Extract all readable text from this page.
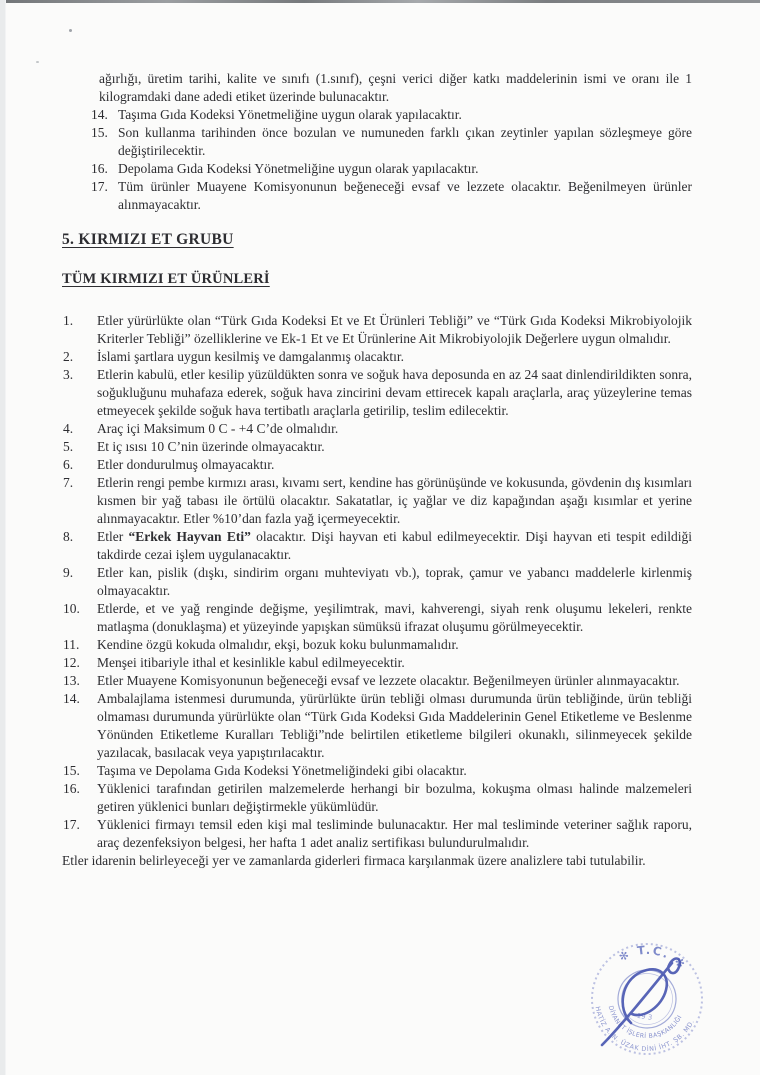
ağırlığı, üretim tarihi, kalite ve sınıfı (1.sınıf), çeşni verici diğer katkı maddelerinin ismi ve oranı ile 1 kilogramdaki dane adedi etiket üzerinde bulunacaktır.

14. Taşıma Gıda Kodeksi Yönetmeliğine uygun olarak yapılacaktır.
15. Son kullanma tarihinden önce bozulan ve numuneden farklı çıkan zeytinler yapılan sözleşmeye göre değiştirilecektir.
16. Depolama Gıda Kodeksi Yönetmeliğine uygun olarak yapılacaktır.
17. Tüm ürünler Muayene Komisyonunun beğeneceği evsaf ve lezzete olacaktır. Beğenilmeyen ürünler alınmayacaktır.
5. KIRMIZI ET GRUBU
TÜM KIRMIZI ET ÜRÜNLERİ
1. Etler yürürlükte olan “Türk Gıda Kodeksi Et ve Et Ürünleri Tebliği” ve “Türk Gıda Kodeksi Mikrobiyolojik Kriterler Tebliği” özelliklerine ve Ek-1 Et ve Et Ürünlerine Ait Mikrobiyolojik Değerlere uygun olmalıdır.
2. İslami şartlara uygun kesilmiş ve damgalanmış olacaktır.
3. Etlerin kabulü, etler kesilip yüzüldükten sonra ve soğuk hava deposunda en az 24 saat dinlendirildikten sonra, soğukluğunu muhafaza ederek, soğuk hava zincirini devam ettirecek kapalı araçlarla, araç yüzeylerine temas etmeyecek şekilde soğuk hava tertibatlı araçlarla getirilip, teslim edilecektir.
4. Araç içi Maksimum 0 C - +4 C’de olmalıdır.
5. Et iç ısısı 10 C’nin üzerinde olmayacaktır.
6. Etler dondurulmuş olmayacaktır.
7. Etlerin rengi pembe kırmızı arası, kıvamı sert, kendine has görünüşünde ve kokusunda, gövdenin dış kısımları kısmen bir yağ tabası ile örtülü olacaktır. Sakatatlar, iç yağlar ve diz kapağından aşağı kısımlar et yerine alınmayacaktır. Etler %10’dan fazla yağ içermeyecektir.
8. Etler “Erkek Hayvan Eti” olacaktır. Dişi hayvan eti kabul edilmeyecektir. Dişi hayvan eti tespit edildiği takdirde cezai işlem uygulanacaktır.
9. Etler kan, pislik (dışkı, sindirim organı muhteviyatı vb.), toprak, çamur ve yabancı maddelerle kirlenmiş olmayacaktır.
10. Etlerde, et ve yağ renginde değişme, yeşilimtrak, mavi, kahverengi, siyah renk oluşumu lekeleri, renkte matlaşma (donuklaşma) et yüzeyinde yapışkan sümüksü ifrazat oluşumu görülmeyecektir.
11. Kendine özgü kokuda olmalıdır, ekşi, bozuk koku bulunmamalıdır.
12. Menşei itibariyle ithal et kesinlikle kabul edilmeyecektir.
13. Etler Muayene Komisyonunun beğeneceği evsaf ve lezzete olacaktır. Beğenilmeyen ürünler alınmayacaktır.
14. Ambalajlama istenmesi durumunda, yürürlükte ürün tebliği olması durumunda ürün tebliğinde, ürün tebliği olmaması durumunda yürürlükte olan “Türk Gıda Kodeksi Gıda Maddelerinin Genel Etiketleme ve Beslenme Yönünden Etiketleme Kuralları Tebliği”nde belirtilen etiketleme bilgileri okunaklı, silinmeyecek şekilde yazılacak, basılacak veya yapıştırılacaktır.
15. Taşıma ve Depolama Gıda Kodeksi Yönetmeliğindeki gibi olacaktır.
16. Yüklenici tarafından getirilen malzemelerde herhangi bir bozulma, kokuşma olması halinde malzemeleri getiren yüklenici bunları değiştirmekle yükümlüdür.
17. Yüklenici firmayı temsil eden kişi mal tesliminde bulunacaktır. Her mal tesliminde veteriner sağlık raporu, araç dezenfeksiyon belgesi, her hafta 1 adet analiz sertifikası bulundurulmalıdır.

Etler idarenin belirleyeceği yer ve zamanlarda giderleri firmaca karşılanmak üzere analizlere tabi tutulabilir.

✻ T.C. ✻
HATİZ A. N. ÜZAK DİNİ İHT. ŞB. MD.
DİYANET İŞLERİ BAŞKANLIĞI
19 3
